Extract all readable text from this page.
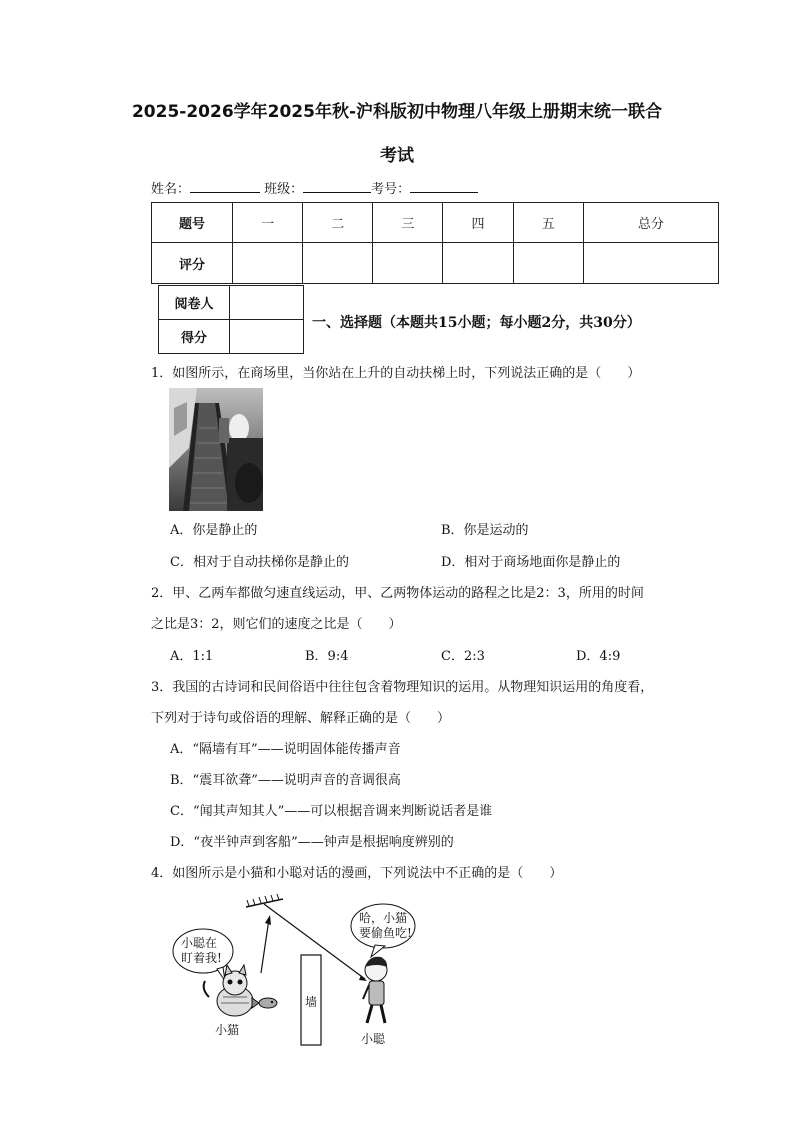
2025-2026学年2025年秋-沪科版初中物理八年级上册期末统一联合
考试
姓名：	班级：	考号：
题号	一	二	三	四	五	总分
评分						
阅卷人	
得分	
一、选择题（本题共15小题；每小题2分，共30分）
1．如图所示，在商场里，当你站在上升的自动扶梯上时，下列说法正确的是（　　）
A．你是静止的	B．你是运动的
C．相对于自动扶梯你是静止的	D．相对于商场地面你是静止的
2．甲、乙两车都做匀速直线运动，甲、乙两物体运动的路程之比是2：3，所用的时间
之比是3：2，则它们的速度之比是（　　）
A．1:1	B．9:4	C．2:3	D．4:9
3．我国的古诗词和民间俗语中往往包含着物理知识的运用。从物理知识运用的角度看，
下列对于诗句或俗语的理解、解释正确的是（　　）
A．“隔墙有耳”——说明固体能传播声音
B．“震耳欲聋”——说明声音的音调很高
C．“闻其声知其人”——可以根据音调来判断说话者是谁
D．“夜半钟声到客船”——钟声是根据响度辨别的
4．如图所示是小猫和小聪对话的漫画，下列说法中不正确的是（　　）
小聪在
盯着我!
哈，小猫
要偷鱼吃!
墙
小猫
小聪
